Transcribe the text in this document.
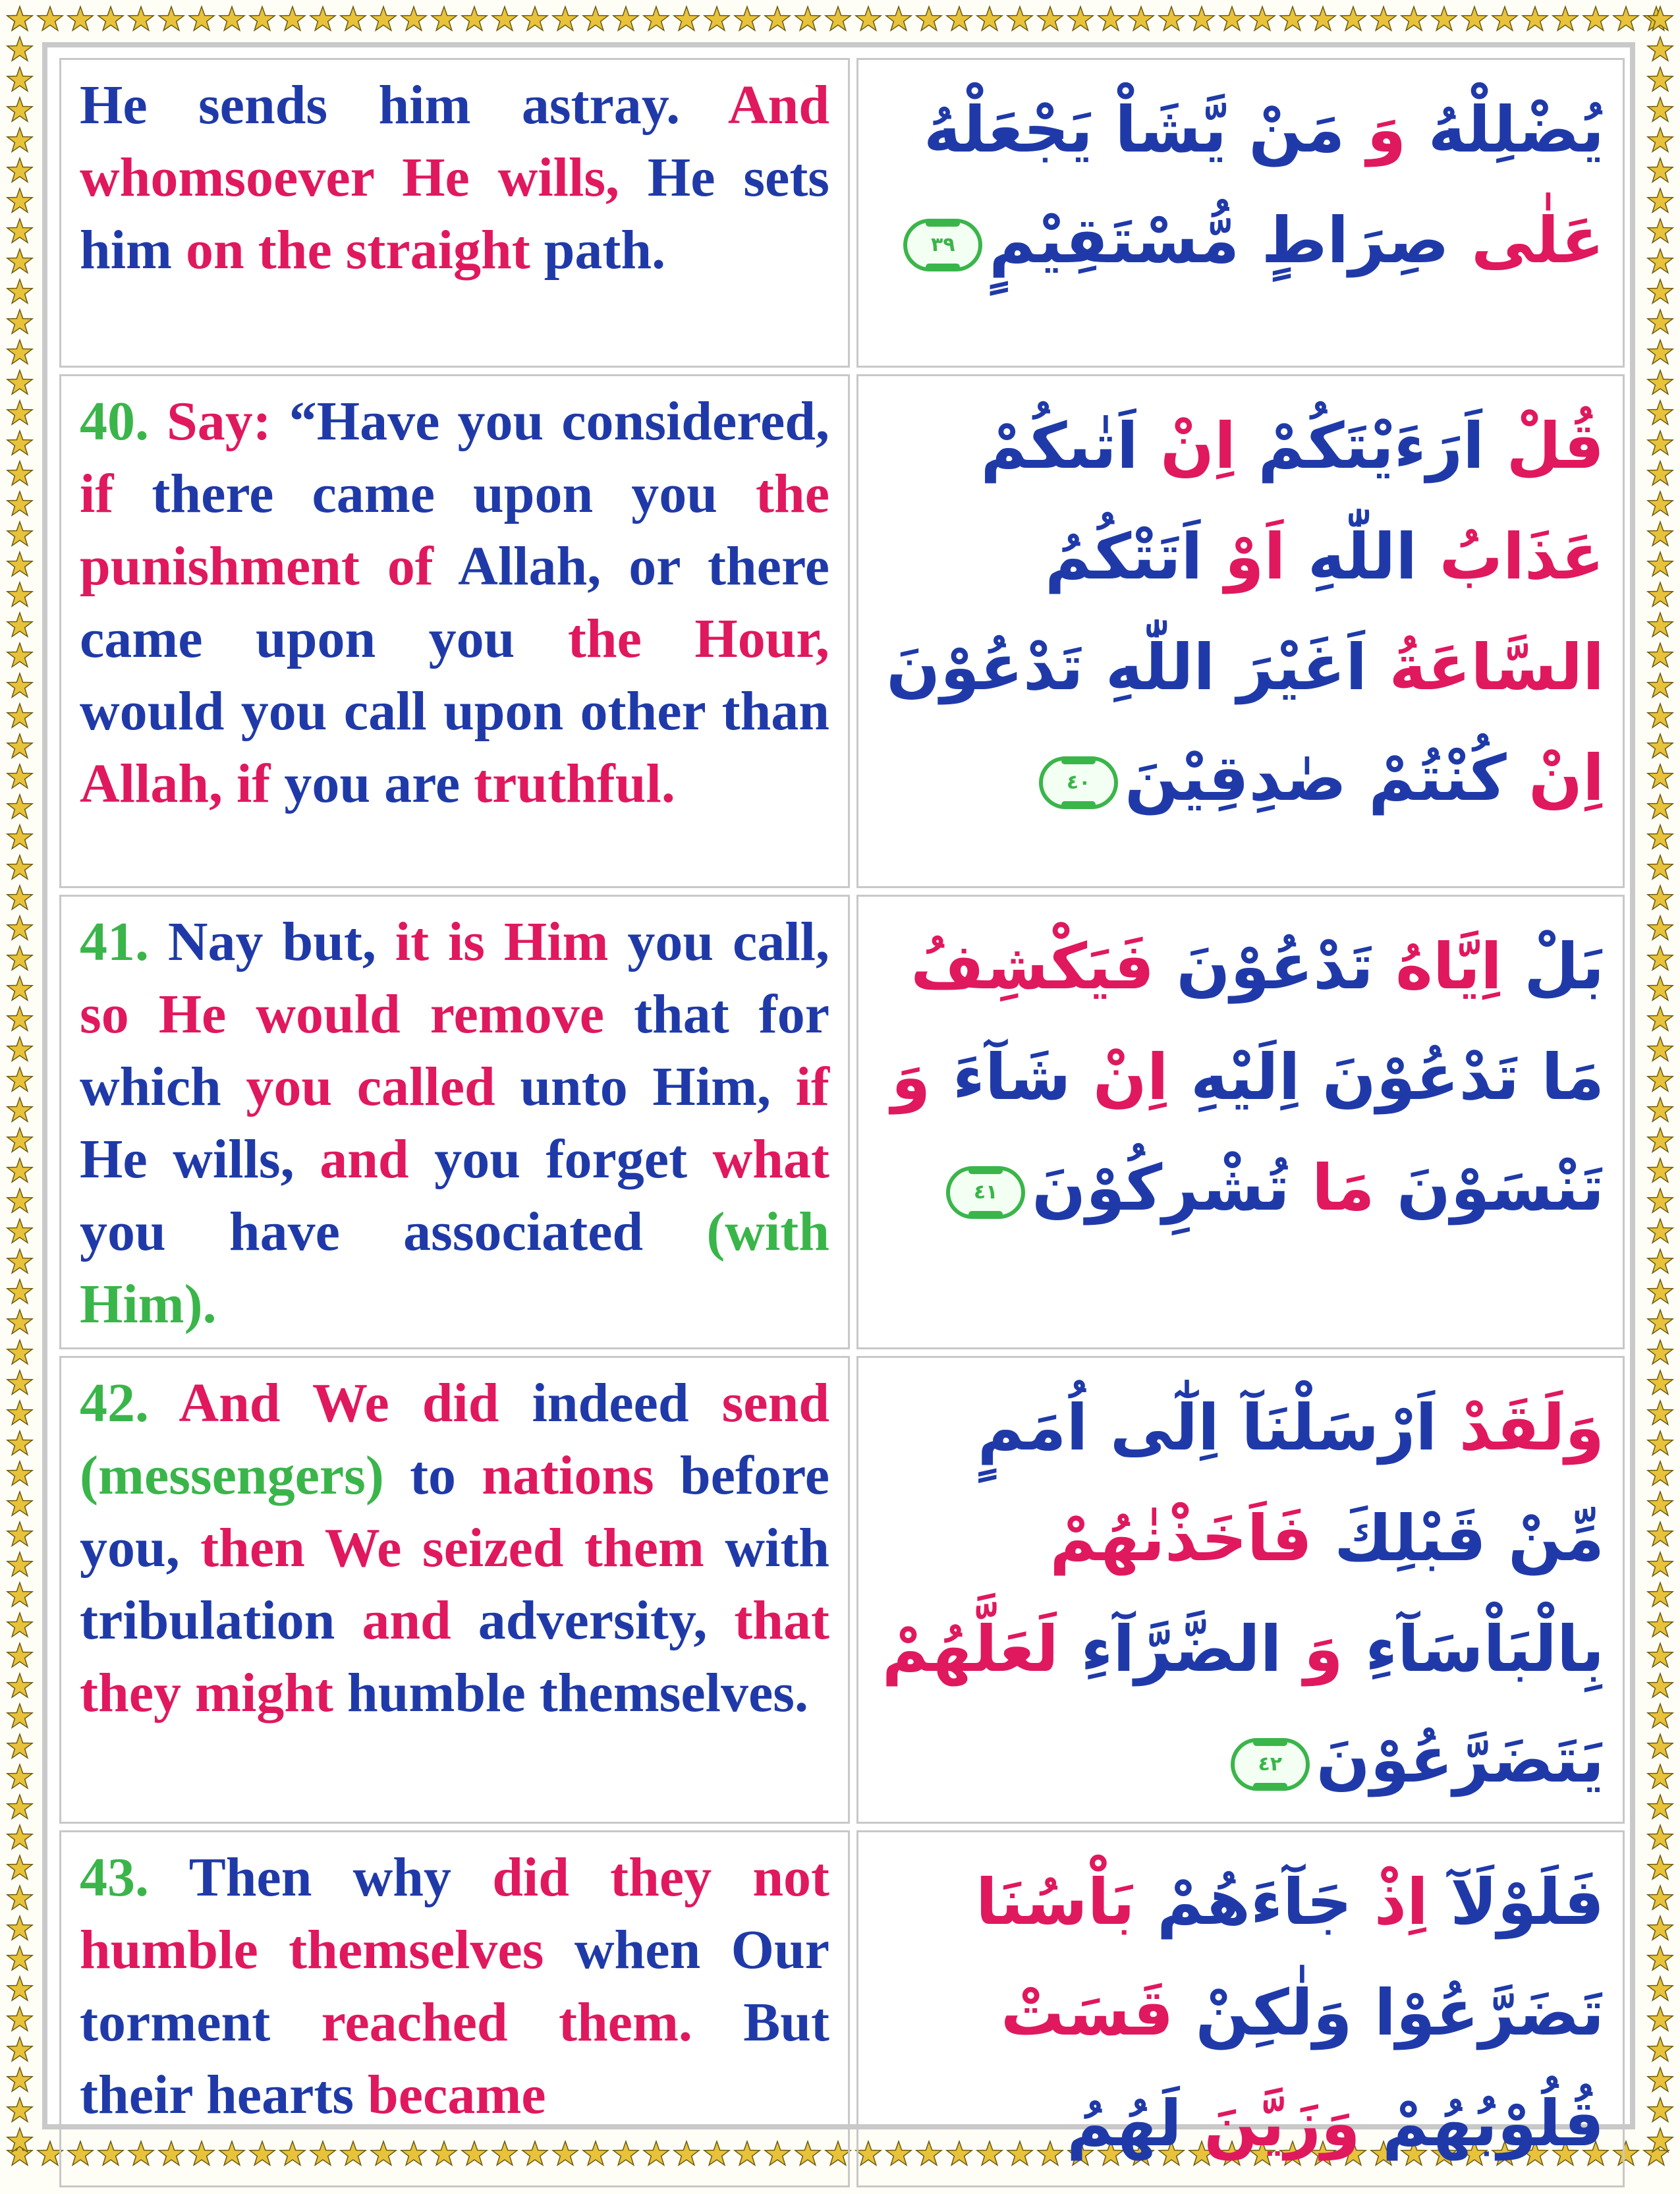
He sends him astray. And whomsoever He wills, He sets him on the straight path.	يُضْلِلْهُ وَ مَنْ يَّشَاْ يَجْعَلْهُ عَلٰى صِرَاطٍ مُّسْتَقِيْمٍ
٣٩

40. Say: “Have you considered, if there came upon you the punishment of Allah, or there came upon you the Hour, would you call upon other than Allah, if you are truthful.	قُلْ اَرَءَيْتَكُمْ اِنْ اَتٰىكُمْ عَذَابُ اللّٰهِ اَوْ اَتَتْكُمُ السَّاعَةُ اَغَيْرَ اللّٰهِ تَدْعُوْنَ اِنْ كُنْتُمْ صٰدِقِيْنَ
٤٠

41. Nay but, it is Him you call, so He would remove that for which you called unto Him, if He wills, and you forget what you have associated (with Him).	بَلْ اِيَّاهُ تَدْعُوْنَ فَيَكْشِفُ مَا تَدْعُوْنَ اِلَيْهِ اِنْ شَآءَ وَ تَنْسَوْنَ مَا تُشْرِكُوْنَ
٤١

42. And We did indeed send (messengers) to nations before you, then We seized them with tribulation and adversity, that they might humble themselves.	وَلَقَدْ اَرْسَلْنَآ اِلٰٓى اُمَمٍ مِّنْ قَبْلِكَ فَاَخَذْنٰهُمْ بِالْبَاْسَآءِ وَ الضَّرَّآءِ لَعَلَّهُمْ يَتَضَرَّعُوْنَ
٤٢

43. Then why did they not humble themselves when Our torment reached them. But their hearts became	فَلَوْلَآ اِذْ جَآءَهُمْ بَاْسُنَا تَضَرَّعُوْا وَلٰكِنْ قَسَتْ قُلُوْبُهُمْ وَزَيَّنَ لَهُمُ
